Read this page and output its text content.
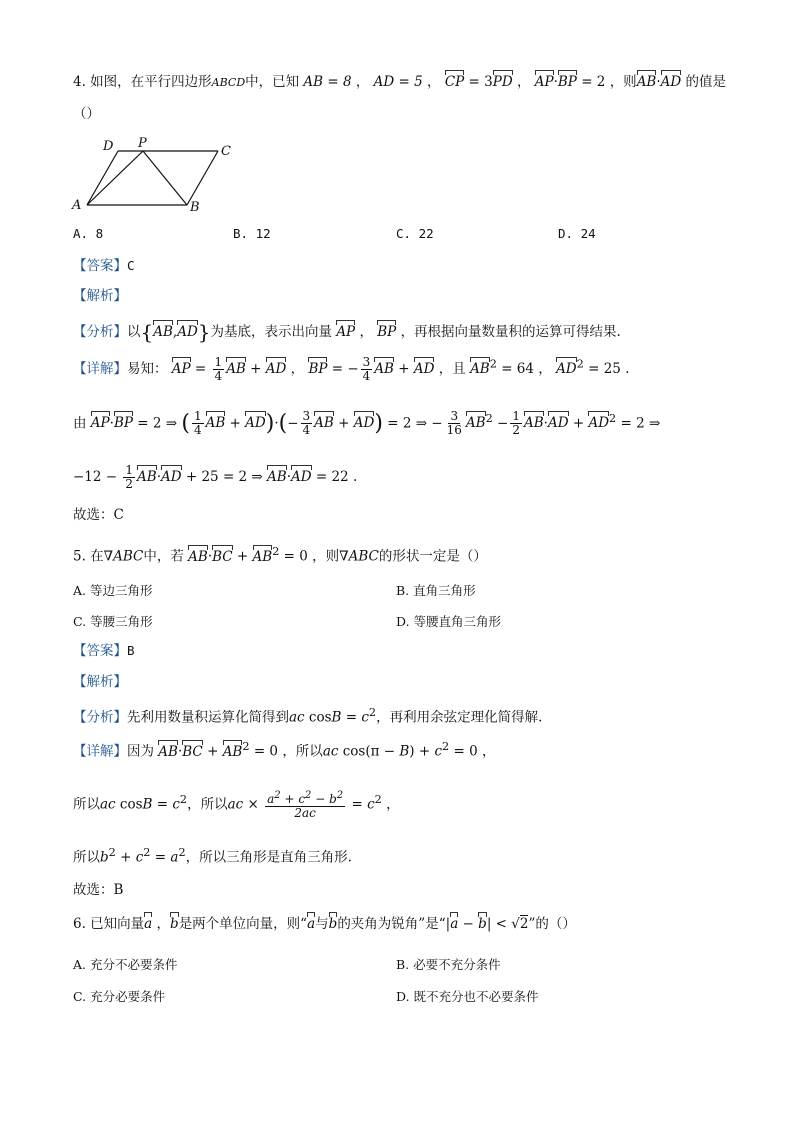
4. 如图，在平行四边形ABCD中，已知 AB = 8 ， AD = 5 ， CP = 3PD ， AP·BP = 2 ，则AB·AD 的值是
（）
D P
C
A	B
A. 8	B. 12	C. 22	D. 24
【答案】C
【解析】
【分析】以{AB,AD}为基底，表示出向量 AP ， BP ，再根据向量数量积的运算可得结果.
【详解】易知： AP = $\frac{1}{4}$ AB + AD ， BP = − $\frac{3}{4}$ AB + AD ，且 $AB^2 = 64$ ， $AD^2 = 25$ .
由 AP·BP = 2 ⇒ ( $\frac{1}{4}$ AB + $AD)\cdot(- \frac{3}{4}$ AB + AD) = 2 ⇒ − $\frac{3}{16} AB^2 - \frac{1}{2} AB\cdot AD + AD^2 = 2$ ⇒
$-12 - \frac{1}{2} AB\cdot AD + 25 = 2$ ⇒ AB·AD = 22 .
故选：C
5. 在∇ABC中，若 $AB\cdot BC + AB^2 = 0$ ，则∇ABC的形状一定是（）
A. 等边三角形	B. 直角三角形
C. 等腰三角形	D. 等腰直角三角形
【答案】B
【解析】
【分析】先利用数量积运算化简得到ac $\cos B = c^2$，再利用余弦定理化简得解.
【详解】因为 $AB\cdot BC + AB^2 = 0$ ，所以ac $\cos(\pi - B) + c^2 = 0$ ，
所以ac $\cos B = c^2$，所以ac × $\frac{a^2 + c^2 - b^2}{2ac} = c^2$ ，
所以$b^2 + c^2 = a^2$，所以三角形是直角三角形.
故选：B
6. 已知向量a ，b是两个单位向量，则“a与b的夹角为锐角”是“|a − b| < √2”的（）
A. 充分不必要条件	B. 必要不充分条件
C. 充分必要条件	D. 既不充分也不必要条件
